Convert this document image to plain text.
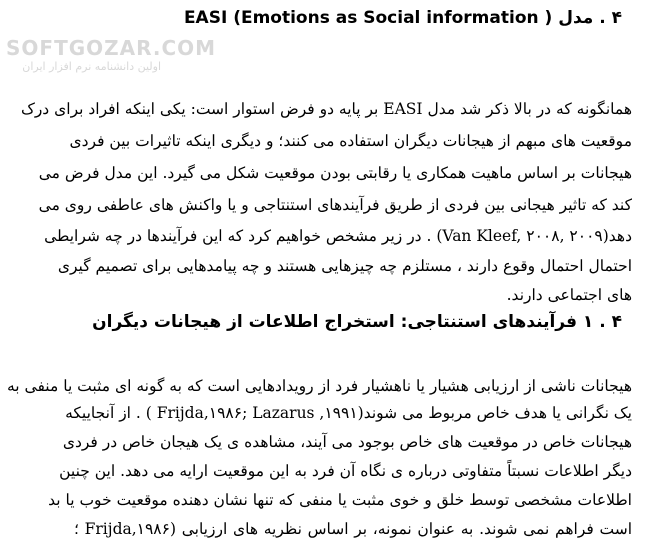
SOFTGOZAR.COM
اولین دانشنامه نرم افزار ایران
۴ . مدل EASI (Emotions as Social information )
همانگونه که در بالا ذکر شد مدل EASI بر پایه دو فرض استوار است: یکی اینکه افراد برای درک
موقعیت های مبهم از هیجانات دیگران استفاده می کنند؛ و دیگری اینکه تاثیرات بین فردی
هیجانات بر اساس ماهیت همکاری یا رقابتی بودن موقعیت شکل می گیرد. این مدل فرض می
کند که تاثیر هیجانی بین فردی از طریق فرآیندهای استنتاجی و یا واکنش های عاطفی روی می
دهد(Van Kleef, ۲۰۰۸, ۲۰۰۹) . در زیر مشخص خواهیم کرد که این فرآیندها در چه شرایطی
احتمال احتمال وقوع دارند ، مستلزم چه چیزهایی هستند و چه پیامدهایی برای تصمیم گیری
های اجتماعی دارند.
۴ . ۱ فرآیندهای استنتاجی: استخراج اطلاعات از هیجانات دیگران
هیجانات ناشی از ارزیابی هشیار یا ناهشیار فرد از رویدادهایی است که به گونه ای مثبت یا منفی به
یک نگرانی یا هدف خاص مربوط می شوند(Frijda,۱۹۸۶; Lazarus ,۱۹۹۱ ) . از آنجاییکه
هیجانات خاص در موقعیت های خاص بوجود می آیند، مشاهده ی یک هیجان خاص در فردی
دیگر اطلاعات نسبتاً متفاوتی درباره ی نگاه آن فرد به این موقعیت ارایه می دهد. این چنین
اطلاعات مشخصی توسط خلق و خوی مثبت یا منفی که تنها نشان دهنده موقعیت خوب یا بد
است فراهم نمی شوند. به عنوان نمونه، بر اساس نظریه های ارزیابی (Frijda,۱۹۸۶ ؛
